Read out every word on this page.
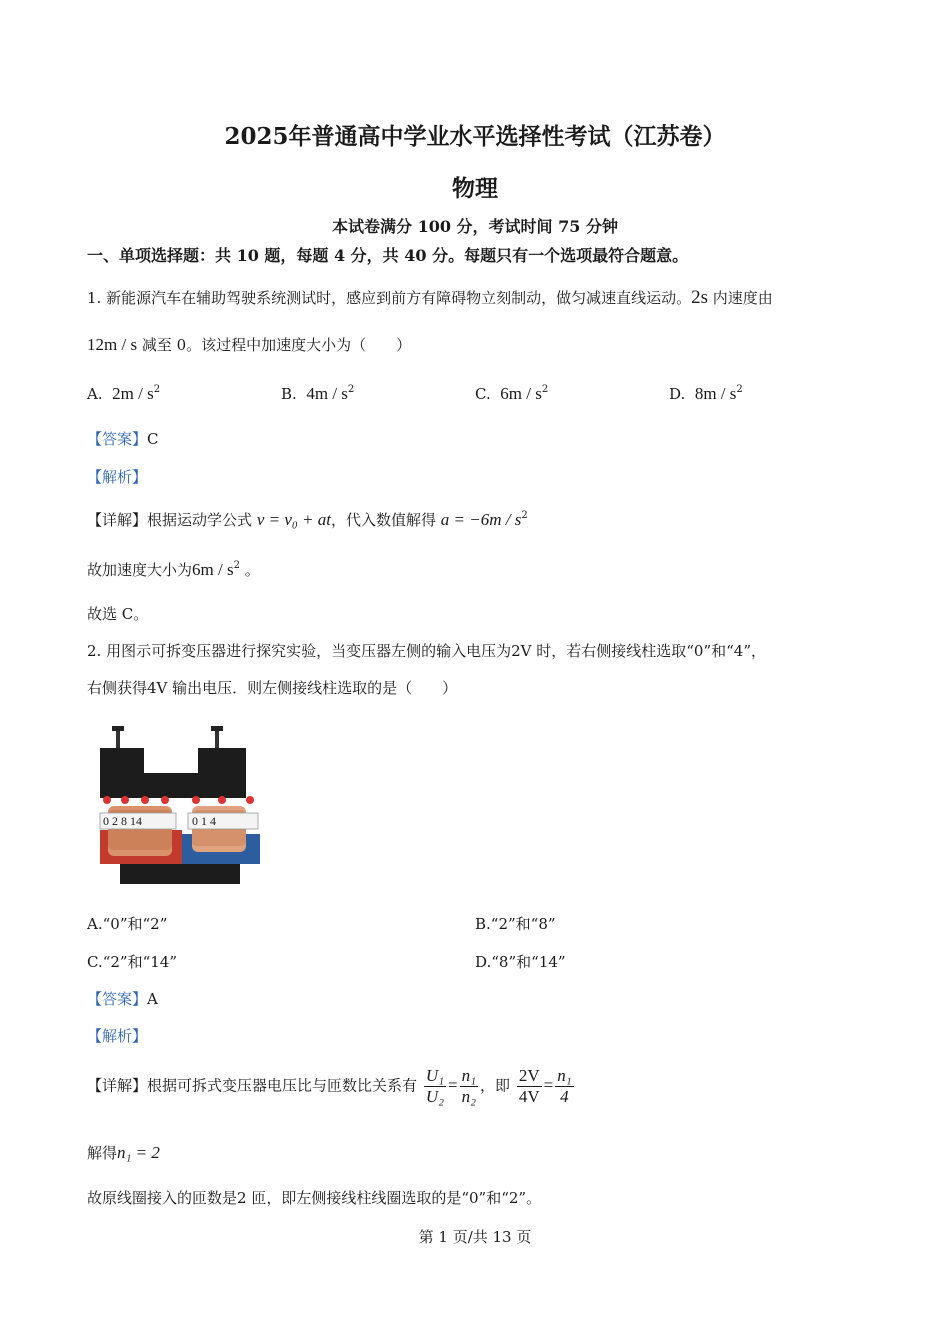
2025年普通高中学业水平选择性考试（江苏卷）
物理
本试卷满分 100 分，考试时间 75 分钟
一、单项选择题：共 10 题，每题 4 分，共 40 分。每题只有一个选项最符合题意。
1. 新能源汽车在辅助驾驶系统测试时，感应到前方有障碍物立刻制动，做匀减速直线运动。2s 内速度由
12m / s 减至 0。该过程中加速度大小为（　　）
A. $2m / s^2$	B. $4m / s^2$	C. $6m / s^2$	D. $8m / s^2$
【答案】C
【解析】
【详解】根据运动学公式 v = v₀ + at，代入数值解得 $a = -6m / s^2$
故加速度大小为$6m / s^2$ 。
故选 C。
2. 用图示可拆变压器进行探究实验，当变压器左侧的输入电压为2V 时，若右侧接线柱选取“0”和“4”，
右侧获得4V 输出电压．则左侧接线柱选取的是（　　）
0 2 8 14	0 1 4
A.“0”和“2”	B.“2”和“8”
C.“2”和“14”	D.“8”和“14”
【答案】A
【解析】
【详解】根据可拆式变压器电压比与匝数比关系有 $\frac{\text{U₁}}{\text{U₂}} = \frac{\text{n₁}}{\text{n₂}}$ ，即 $\frac{2V}{4V} = \frac{\text{n₁}}{4}$
解得n₁ = 2
故原线圈接入的匝数是2 匝，即左侧接线柱线圈选取的是“0”和“2”。
第 1 页/共 13 页
